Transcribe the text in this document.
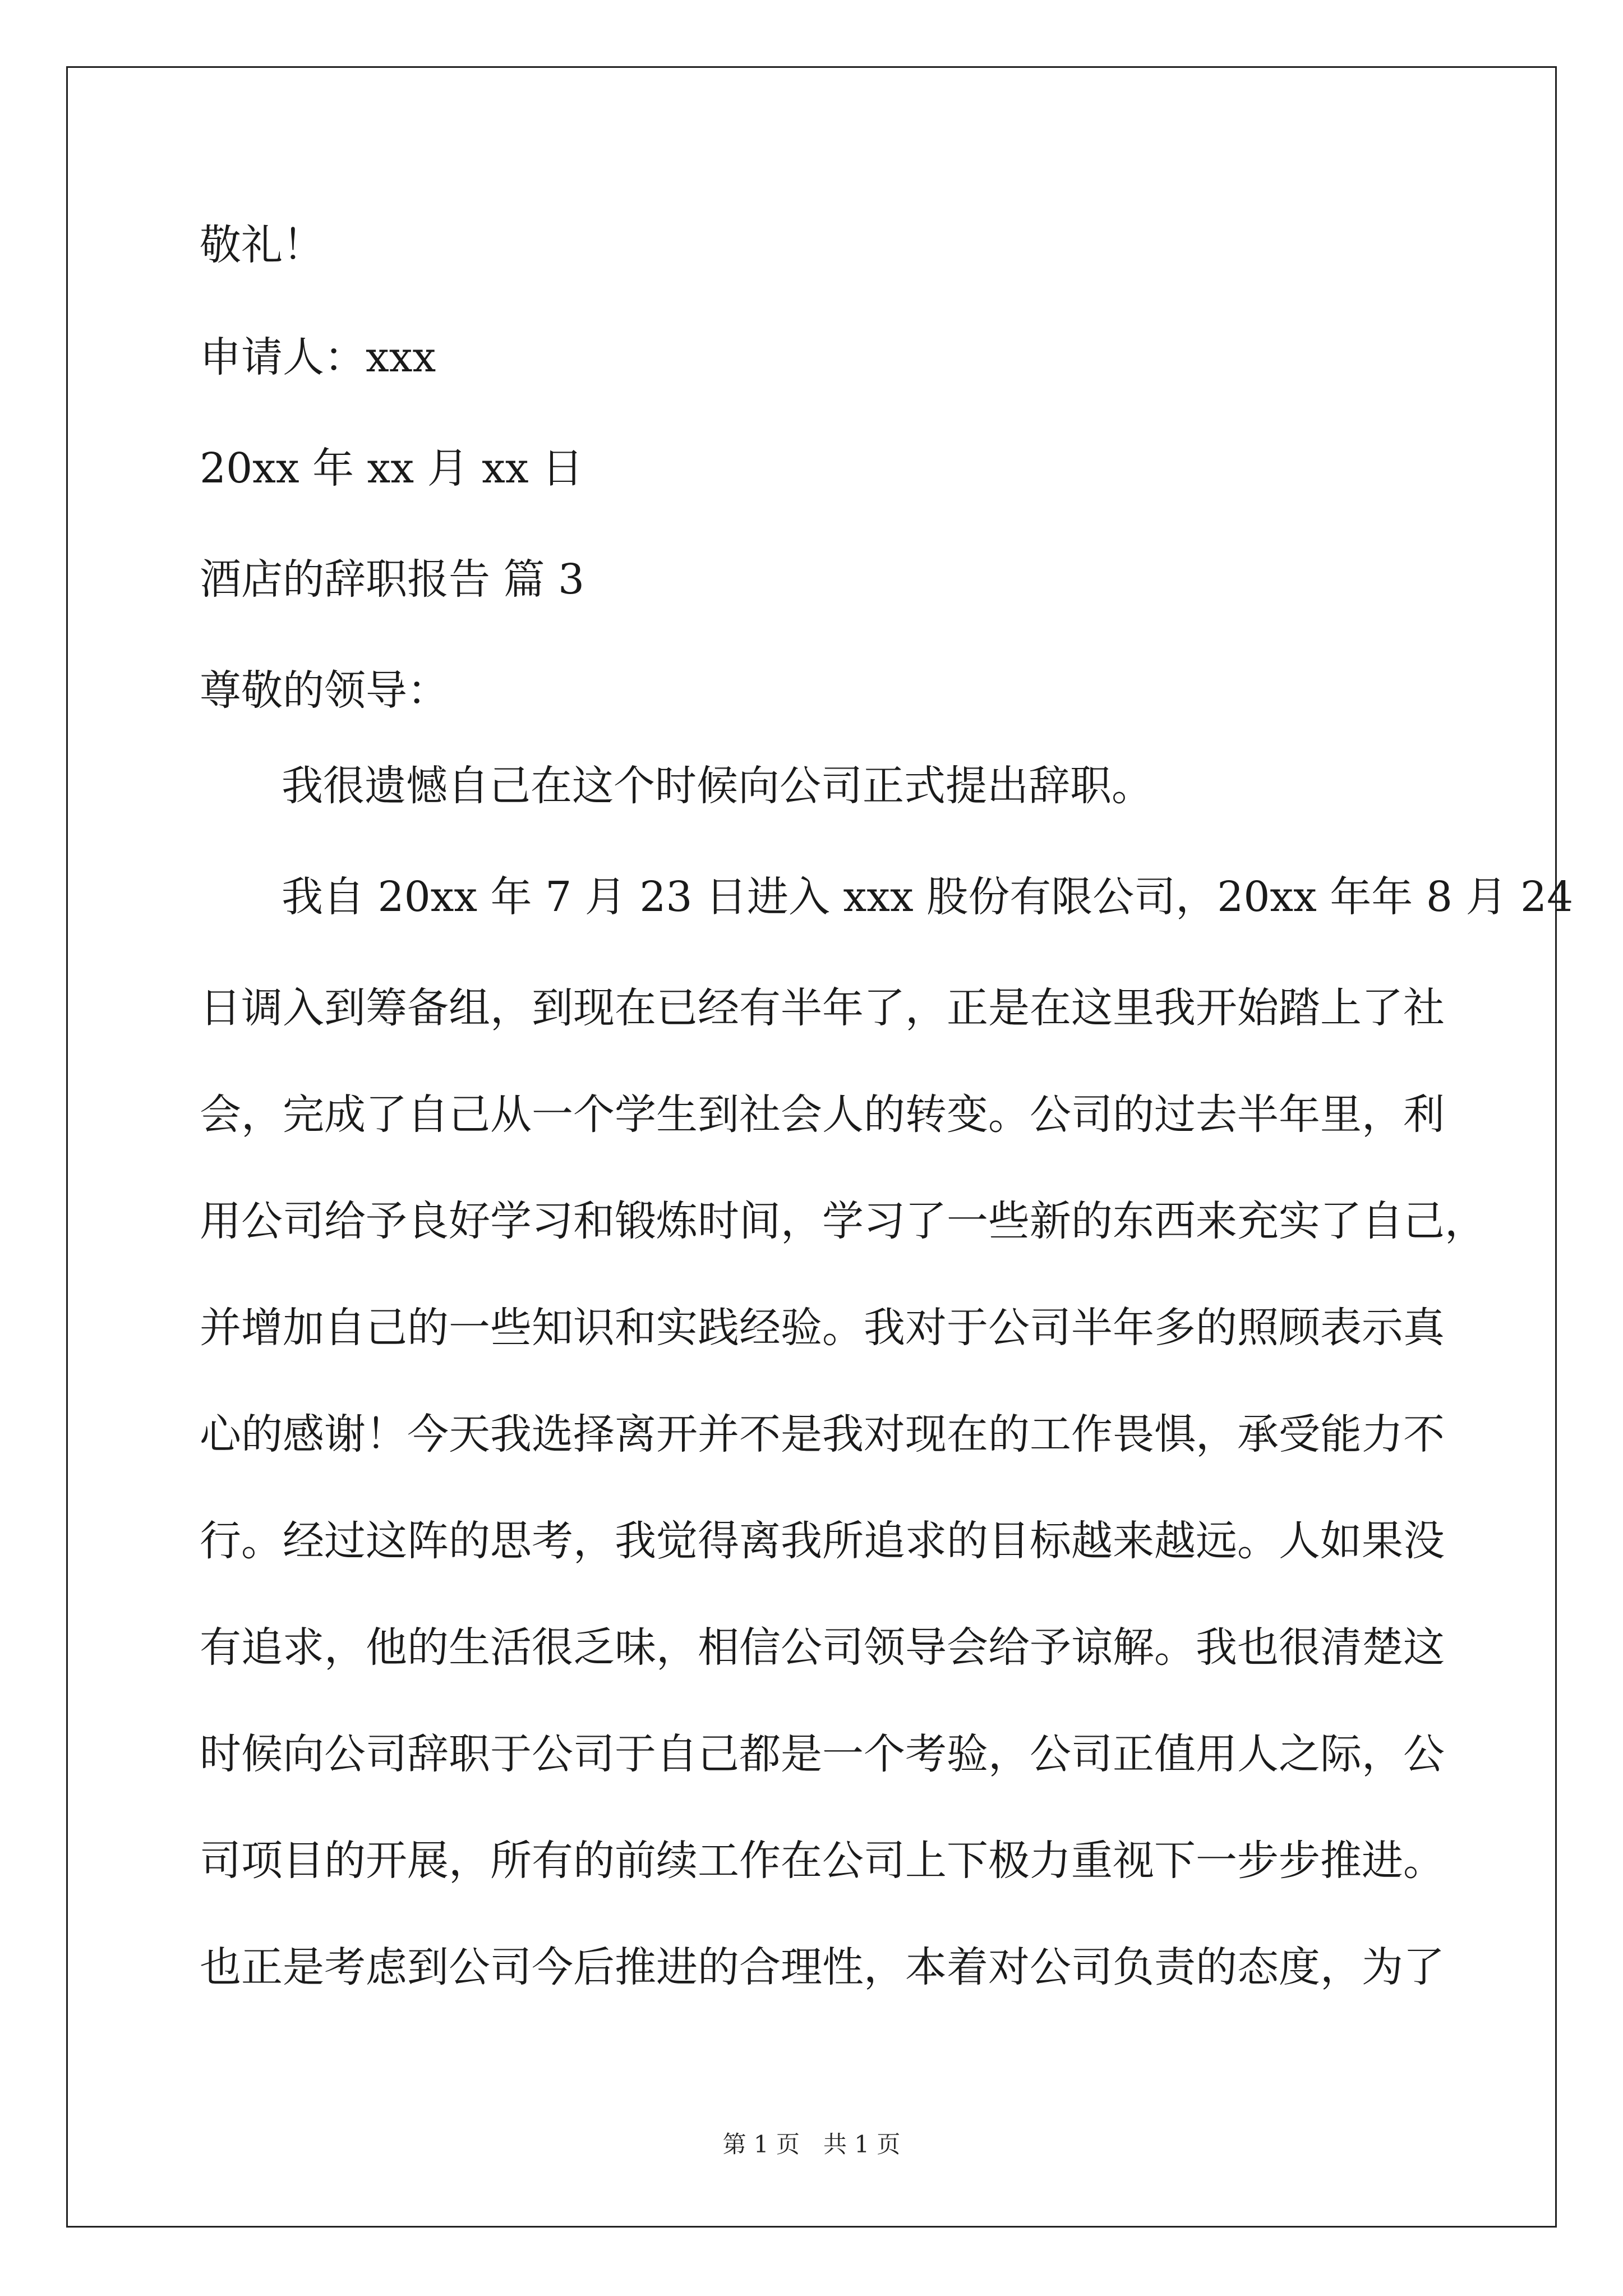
敬礼！

申请人：xxx

20xx 年 xx 月 xx 日

酒店的辞职报告 篇 3

尊敬的领导：

我很遗憾自己在这个时候向公司正式提出辞职。

我自 20xx 年 7 月 23 日进入 xxx 股份有限公司，20xx 年年 8 月 24

日调入到筹备组，到现在已经有半年了，正是在这里我开始踏上了社

会，完成了自己从一个学生到社会人的转变。公司的过去半年里，利

用公司给予良好学习和锻炼时间，学习了一些新的东西来充实了自己，

并增加自己的一些知识和实践经验。我对于公司半年多的照顾表示真

心的感谢！今天我选择离开并不是我对现在的工作畏惧，承受能力不

行。经过这阵的思考，我觉得离我所追求的目标越来越远。人如果没

有追求，他的生活很乏味，相信公司领导会给予谅解。我也很清楚这

时候向公司辞职于公司于自己都是一个考验，公司正值用人之际，公

司项目的开展，所有的前续工作在公司上下极力重视下一步步推进。

也正是考虑到公司今后推进的合理性，本着对公司负责的态度，为了

第 1 页　共 1 页
